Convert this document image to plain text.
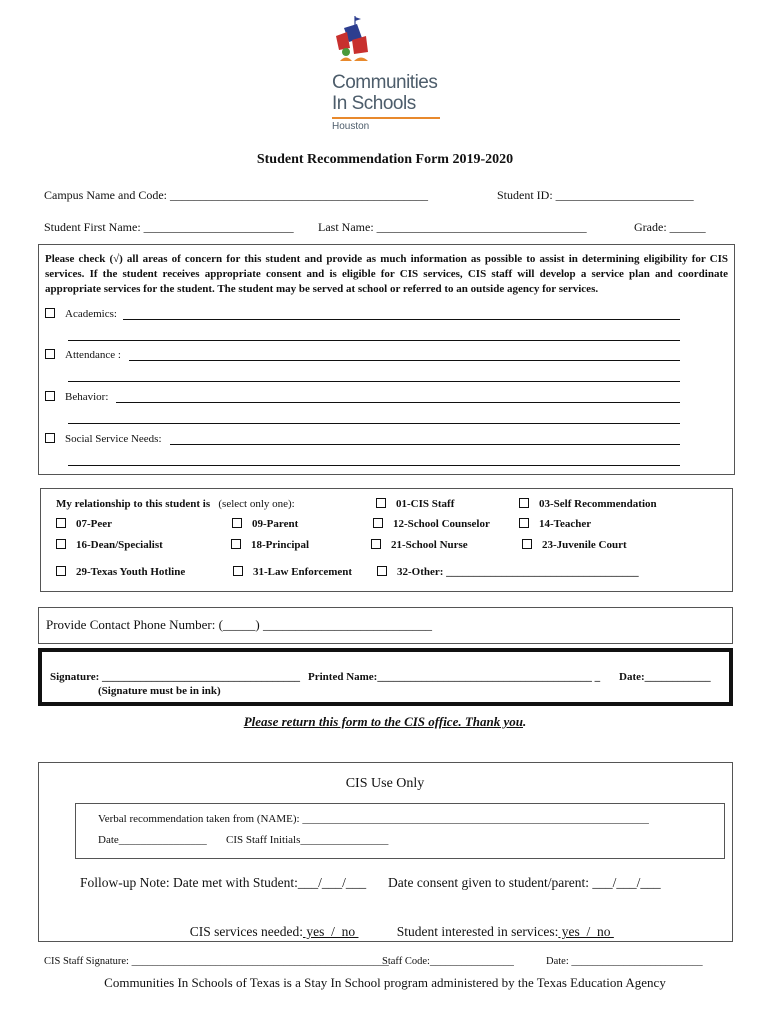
Communities
In Schools
Houston
Student Recommendation Form 2019-2020
Campus Name and Code: ___________________________________________	Student ID: _______________________
Student First Name: _________________________ Last Name: ___________________________________	Grade: ______
Please check (√) all areas of concern for this student and provide as much information as possible to assist in determining eligibility for CIS services. If the student receives appropriate consent and is eligible for CIS services, CIS staff will develop a service plan and coordinate appropriate services for the student. The student may be served at school or referred to an outside agency for services.
Academics:
Attendance :
Behavior:
Social Service Needs:
My relationship to this student is (select only one):	01-CIS Staff	03-Self Recommendation
07-Peer	09-Parent	12-School Counselor	14-Teacher
16-Dean/Specialist	18-Principal	21-School Nurse	23-Juvenile Court
29-Texas Youth Hotline	31-Law Enforcement	32-Other: ___________________________________
Provide Contact Phone Number: (_____) __________________________
Signature: ____________________________________ Printed Name:_______________________________________ _ Date:____________
(Signature must be in ink)
Please return this form to the CIS office. Thank you.
CIS Use Only
Verbal recommendation taken from (NAME): _______________________________________________________________
Date________________ CIS Staff Initials________________
Follow-up Note: Date met with Student:___/___/___ Date consent given to student/parent: ___/___/___

CIS services needed: yes  /  no	Student interested in services: yes  /  no

CIS Staff Signature: _________________________________________________
Staff Code:________________	Date: _________________________
Communities In Schools of Texas is a Stay In School program administered by the Texas Education Agency
